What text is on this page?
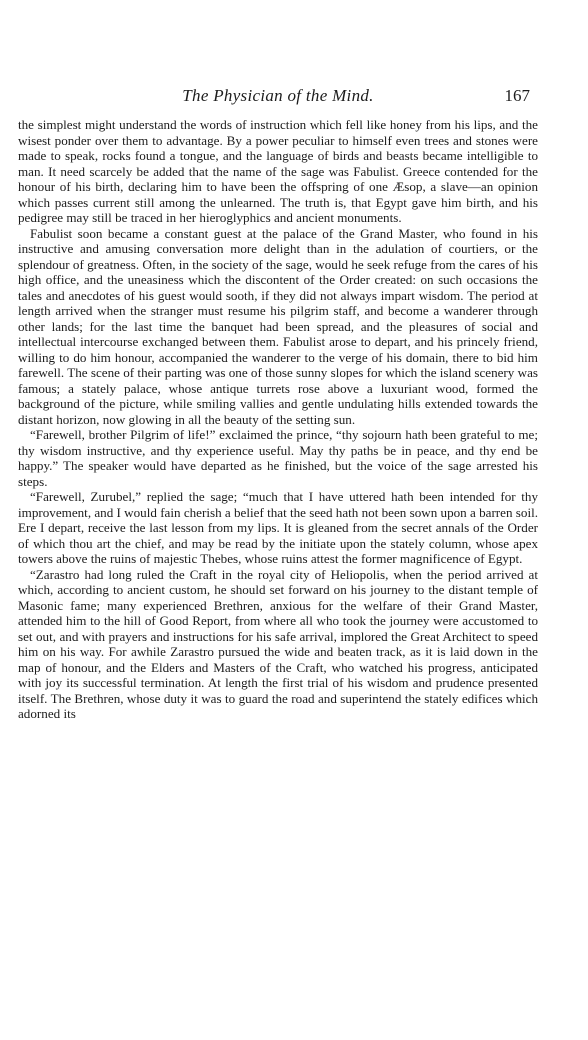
The Physician of the Mind.	167

the simplest might understand the words of instruction which fell like honey from his lips, and the wisest ponder over them to advantage. By a power peculiar to himself even trees and stones were made to speak, rocks found a tongue, and the language of birds and beasts became intelligible to man. It need scarcely be added that the name of the sage was Fabulist. Greece contended for the honour of his birth, declaring him to have been the offspring of one Æsop, a slave—an opinion which passes current still among the unlearned. The truth is, that Egypt gave him birth, and his pedigree may still be traced in her hieroglyphics and ancient monuments.

Fabulist soon became a constant guest at the palace of the Grand Master, who found in his instructive and amusing conversation more delight than in the adulation of courtiers, or the splendour of greatness. Often, in the society of the sage, would he seek refuge from the cares of his high office, and the uneasiness which the discontent of the Order created: on such occasions the tales and anecdotes of his guest would sooth, if they did not always impart wisdom. The period at length arrived when the stranger must resume his pilgrim staff, and become a wanderer through other lands; for the last time the banquet had been spread, and the pleasures of social and intellectual intercourse exchanged between them. Fabulist arose to depart, and his princely friend, willing to do him honour, accompanied the wanderer to the verge of his domain, there to bid him farewell. The scene of their parting was one of those sunny slopes for which the island scenery was famous; a stately palace, whose antique turrets rose above a luxuriant wood, formed the background of the picture, while smiling vallies and gentle undulating hills extended towards the distant horizon, now glowing in all the beauty of the setting sun.

“Farewell, brother Pilgrim of life!” exclaimed the prince, “thy sojourn hath been grateful to me; thy wisdom instructive, and thy experience useful. May thy paths be in peace, and thy end be happy.” The speaker would have departed as he finished, but the voice of the sage arrested his steps.

“Farewell, Zurubel,” replied the sage; “much that I have uttered hath been intended for thy improvement, and I would fain cherish a belief that the seed hath not been sown upon a barren soil. Ere I depart, receive the last lesson from my lips. It is gleaned from the secret annals of the Order of which thou art the chief, and may be read by the initiate upon the stately column, whose apex towers above the ruins of majestic Thebes, whose ruins attest the former magnificence of Egypt.

“Zarastro had long ruled the Craft in the royal city of Heliopolis, when the period arrived at which, according to ancient custom, he should set forward on his journey to the distant temple of Masonic fame; many experienced Brethren, anxious for the welfare of their Grand Master, attended him to the hill of Good Report, from where all who took the journey were accustomed to set out, and with prayers and instructions for his safe arrival, implored the Great Architect to speed him on his way. For awhile Zarastro pursued the wide and beaten track, as it is laid down in the map of honour, and the Elders and Masters of the Craft, who watched his progress, anticipated with joy its successful termination. At length the first trial of his wisdom and prudence presented itself. The Brethren, whose duty it was to guard the road and superintend the stately edifices which adorned its
